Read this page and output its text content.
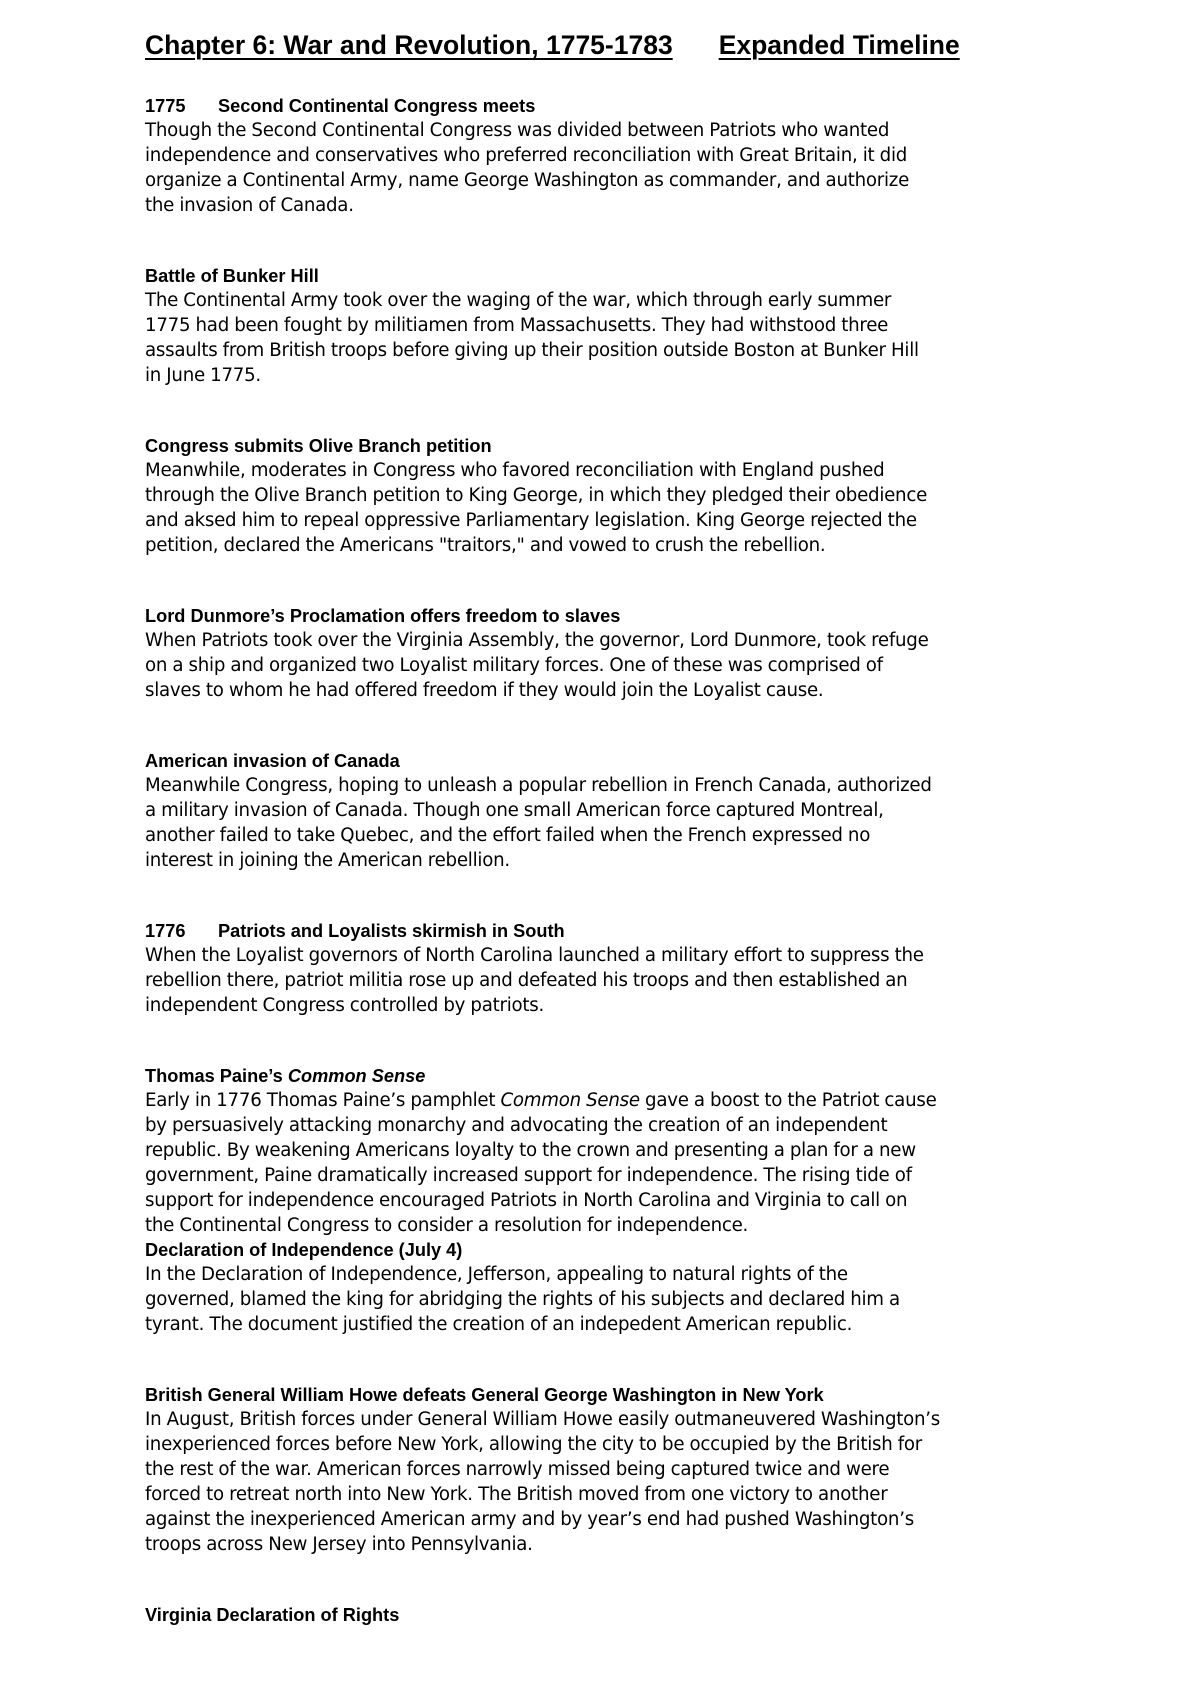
Chapter 6: War and Revolution, 1775-1783 Expanded Timeline
1775 Second Continental Congress meets
Though the Second Continental Congress was divided between Patriots who wanted
independence and conservatives who preferred reconciliation with Great Britain, it did
organize a Continental Army, name George Washington as commander, and authorize
the invasion of Canada.
Battle of Bunker Hill
The Continental Army took over the waging of the war, which through early summer
1775 had been fought by militiamen from Massachusetts. They had withstood three
assaults from British troops before giving up their position outside Boston at Bunker Hill
in June 1775.
Congress submits Olive Branch petition
Meanwhile, moderates in Congress who favored reconciliation with England pushed
through the Olive Branch petition to King George, in which they pledged their obedience
and aksed him to repeal oppressive Parliamentary legislation. King George rejected the
petition, declared the Americans "traitors," and vowed to crush the rebellion.
Lord Dunmore’s Proclamation offers freedom to slaves
When Patriots took over the Virginia Assembly, the governor, Lord Dunmore, took refuge
on a ship and organized two Loyalist military forces. One of these was comprised of
slaves to whom he had offered freedom if they would join the Loyalist cause.
American invasion of Canada
Meanwhile Congress, hoping to unleash a popular rebellion in French Canada, authorized
a military invasion of Canada. Though one small American force captured Montreal,
another failed to take Quebec, and the effort failed when the French expressed no
interest in joining the American rebellion.
1776 Patriots and Loyalists skirmish in South
When the Loyalist governors of North Carolina launched a military effort to suppress the
rebellion there, patriot militia rose up and defeated his troops and then established an
independent Congress controlled by patriots.
Thomas Paine’s Common Sense
Early in 1776 Thomas Paine’s pamphlet Common Sense gave a boost to the Patriot cause
by persuasively attacking monarchy and advocating the creation of an independent
republic. By weakening Americans loyalty to the crown and presenting a plan for a new
government, Paine dramatically increased support for independence. The rising tide of
support for independence encouraged Patriots in North Carolina and Virginia to call on
the Continental Congress to consider a resolution for independence.
Declaration of Independence (July 4)
In the Declaration of Independence, Jefferson, appealing to natural rights of the
governed, blamed the king for abridging the rights of his subjects and declared him a
tyrant. The document justified the creation of an indepedent American republic.
British General William Howe defeats General George Washington in New York
In August, British forces under General William Howe easily outmaneuvered Washington’s
inexperienced forces before New York, allowing the city to be occupied by the British for
the rest of the war. American forces narrowly missed being captured twice and were
forced to retreat north into New York. The British moved from one victory to another
against the inexperienced American army and by year’s end had pushed Washington’s
troops across New Jersey into Pennsylvania.
Virginia Declaration of Rights
